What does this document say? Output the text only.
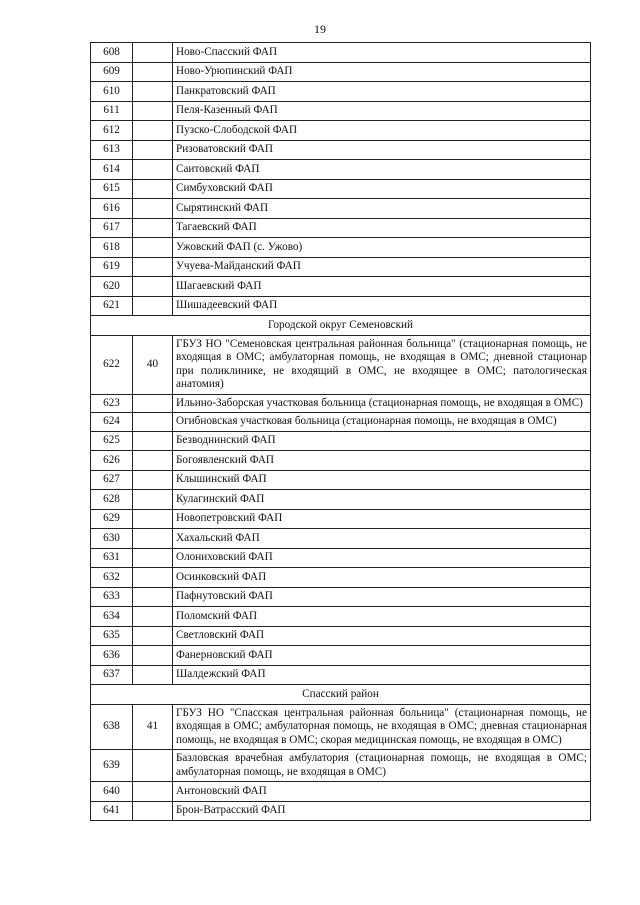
19
608		Ново-Спасский ФАП
609		Ново-Урюпинский ФАП
610		Панкратовский ФАП
611		Пеля-Казенный ФАП
612		Пузско-Слободской ФАП
613		Ризоватовский ФАП
614		Саитовский ФАП
615		Симбуховский ФАП
616		Сырятинский ФАП
617		Тагаевский ФАП
618		Ужовский ФАП (с. Ужово)
619		Учуева-Майданский ФАП
620		Шагаевский ФАП
621		Шишадеевский ФАП
Городской округ Семеновский		
622	40	ГБУЗ НО "Семеновская центральная районная больница" (стационарная помощь, не входящая в ОМС; амбулаторная помощь, не входящая в ОМС; дневной стационар при поликлинике, не входящий в ОМС, не входящее в ОМС; патологическая анатомия)
623		Ильино-Заборская участковая больница (стационарная помощь, не входящая в ОМС)
624		Огибновская участковая больница (стационарная помощь, не входящая в ОМС)
625		Безводнинский ФАП
626		Богоявленский ФАП
627		Клышинский ФАП
628		Кулагинский ФАП
629		Новопетровский ФАП
630		Хахальский ФАП
631		Олониховский ФАП
632		Осинковский ФАП
633		Пафнутовский ФАП
634		Поломский ФАП
635		Светловский ФАП
636		Фанерновский ФАП
637		Шалдежский ФАП
Спасский район		
638	41	ГБУЗ НО "Спасская центральная районная больница" (стационарная помощь, не входящая в ОМС; амбулаторная помощь, не входящая в ОМС; дневная стационарная помощь, не входящая в ОМС; скорая медицинская помощь, не входящая в ОМС)
639		Базловская врачебная амбулатория (стационарная помощь, не входящая в ОМС; амбулаторная помощь, не входящая в ОМС)
640		Антоновский ФАП
641		Брон-Ватрасский ФАП
